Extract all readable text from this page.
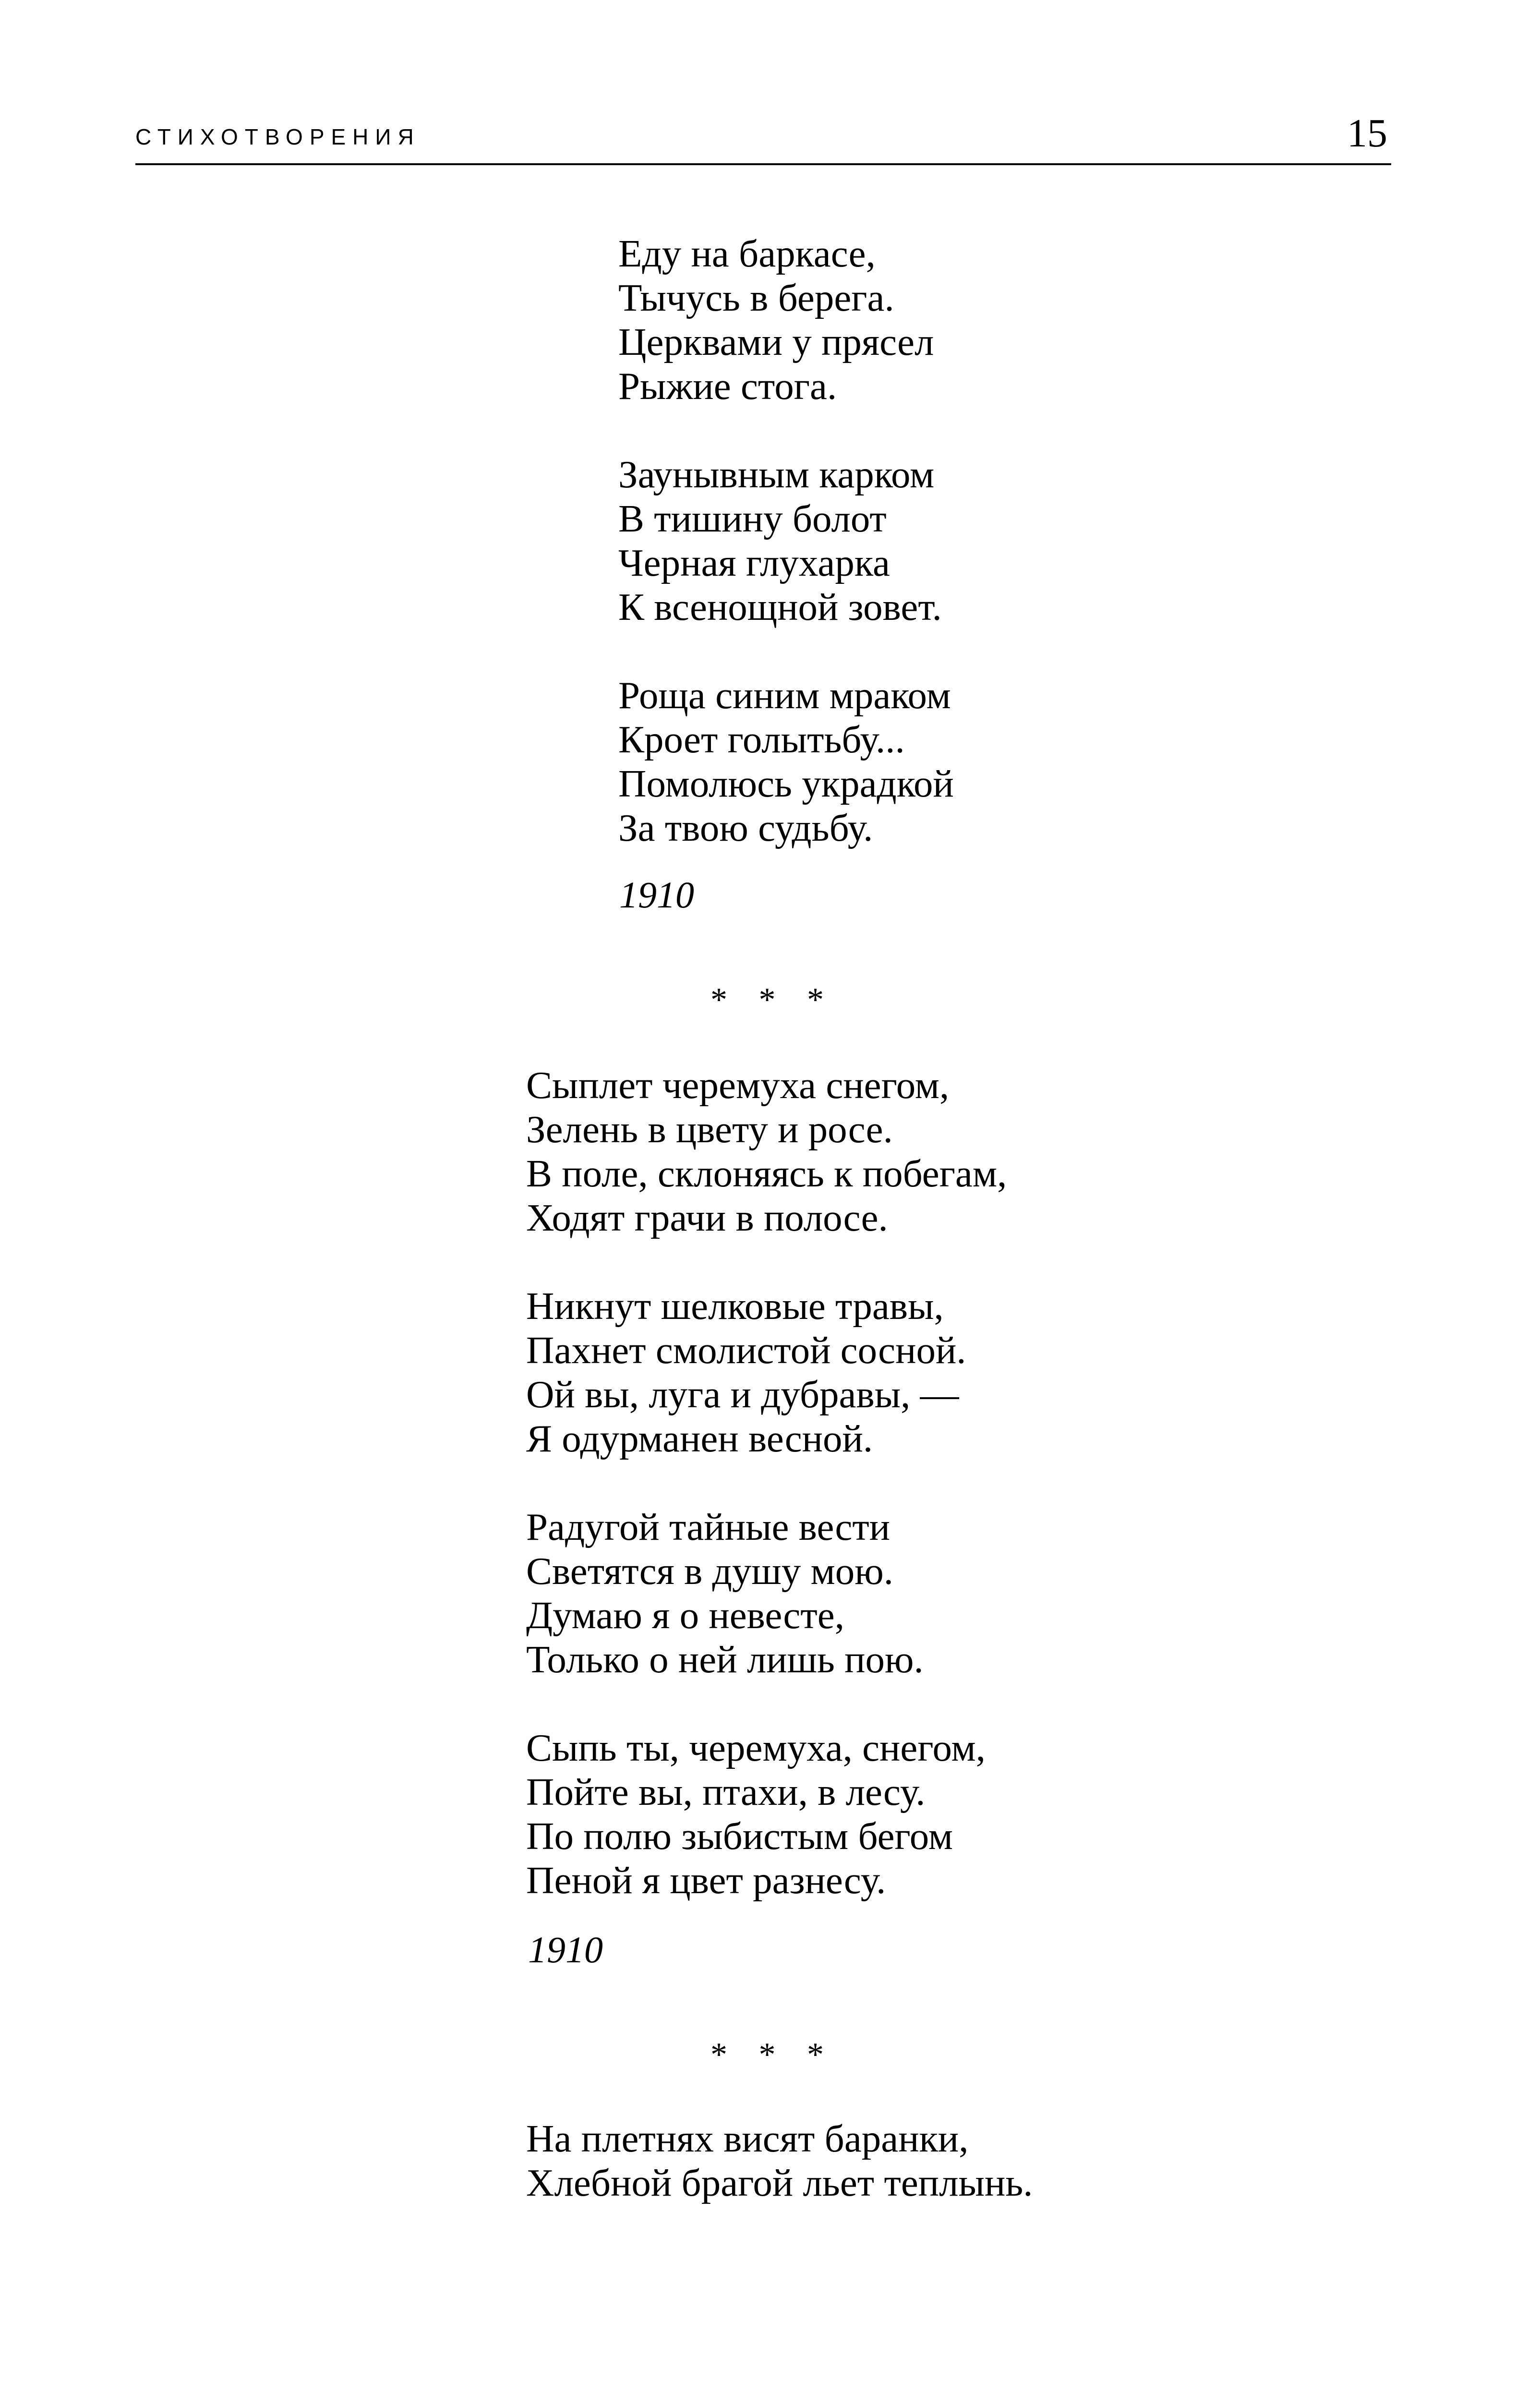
СТИХОТВОРЕНИЯ	15
Еду на баркасе,
Тычусь в берега.
Церквами у прясел
Рыжие стога.
Заунывным карком
В тишину болот
Черная глухарка
К всенощной зовет.
Роща синим мраком
Кроет голытьбу...
Помолюсь украдкой
За твою судьбу.
1910
* * *
Сыплет черемуха снегом,
Зелень в цвету и росе.
В поле, склоняясь к побегам,
Ходят грачи в полосе.
Никнут шелковые травы,
Пахнет смолистой сосной.
Ой вы, луга и дубравы, —
Я одурманен весной.
Радугой тайные вести
Светятся в душу мою.
Думаю я о невесте,
Только о ней лишь пою.
Сыпь ты, черемуха, снегом,
Пойте вы, птахи, в лесу.
По полю зыбистым бегом
Пеной я цвет разнесу.
1910
* * *
На плетнях висят баранки,
Хлебной брагой льет теплынь.
